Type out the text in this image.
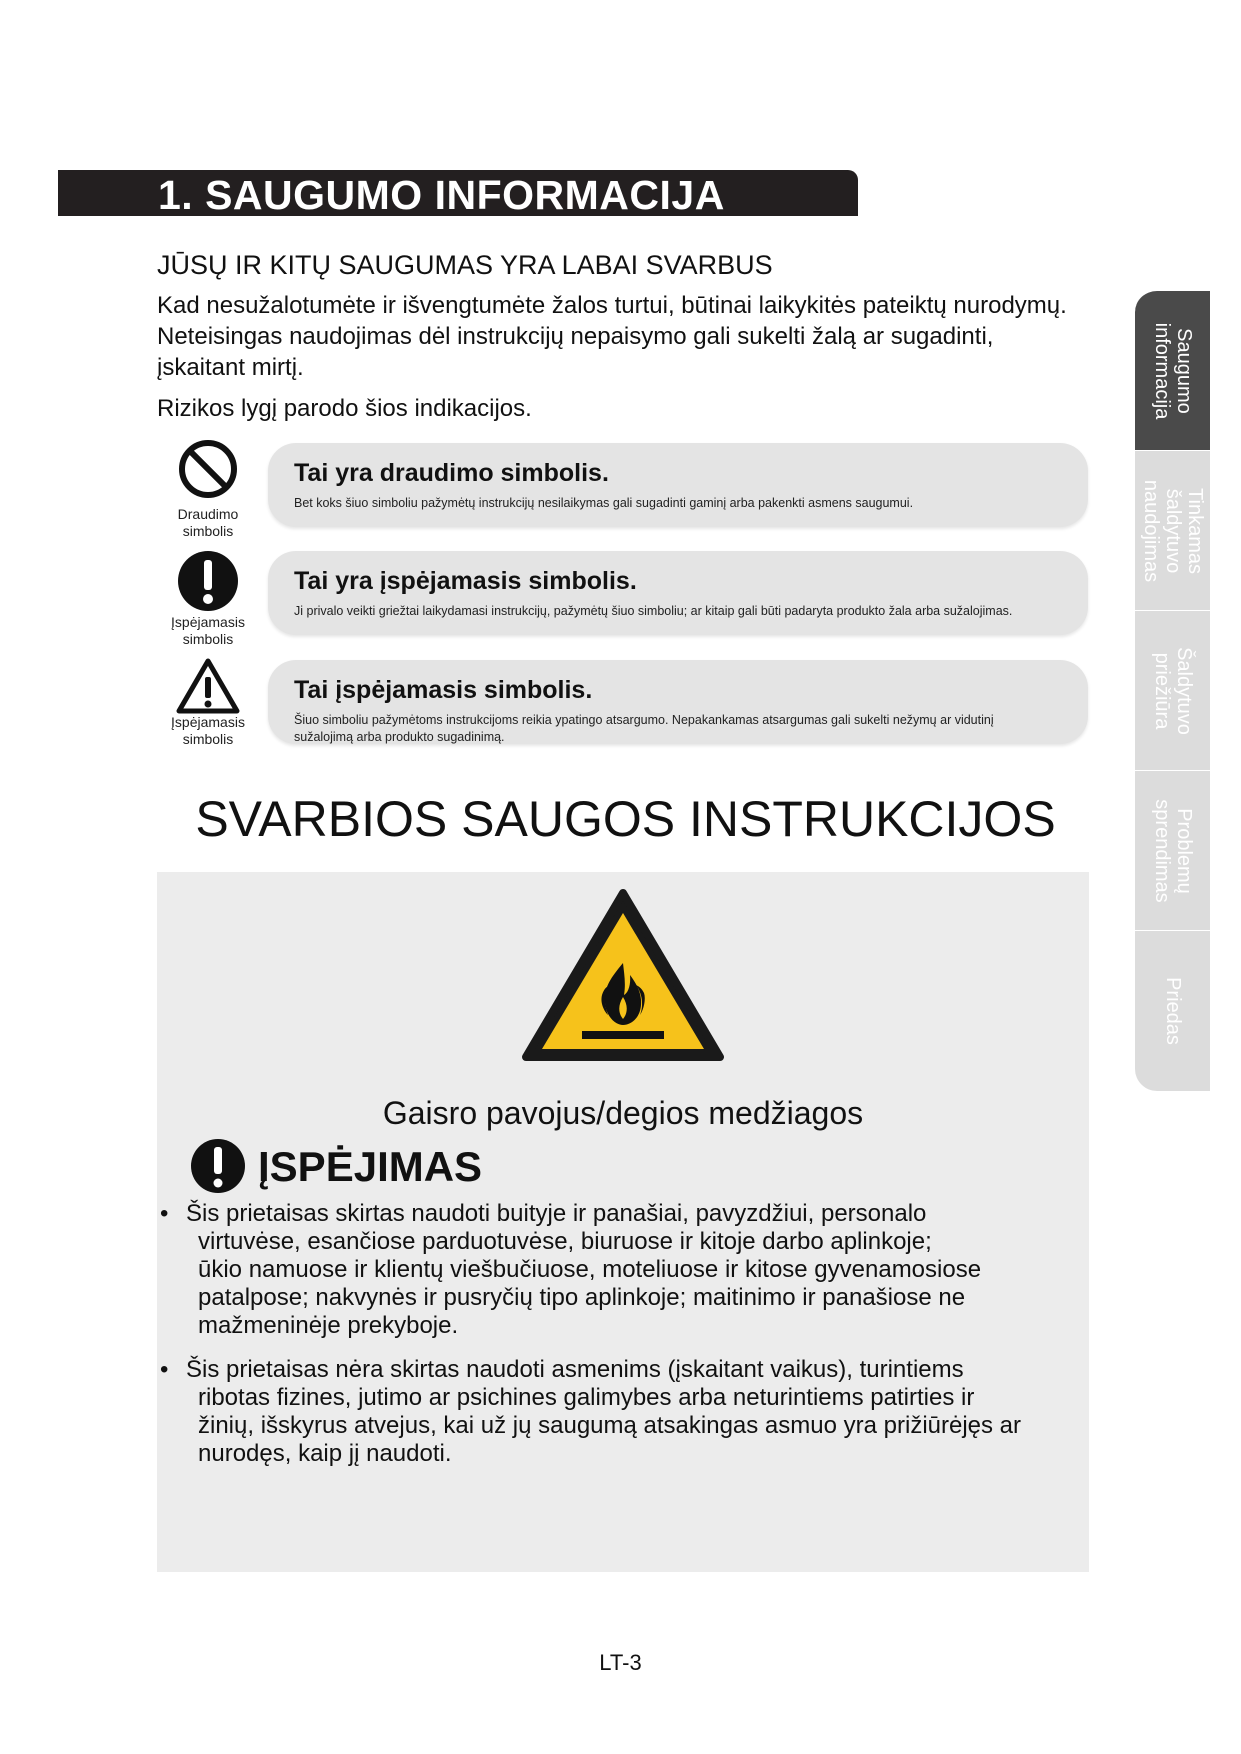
1. SAUGUMO INFORMACIJA
JŪSŲ IR KITŲ SAUGUMAS YRA LABAI SVARBUS
Kad nesužalotumėte ir išvengtumėte žalos turtui, būtinai laikykitės pateiktų nurodymų. Neteisingas naudojimas dėl instrukcijų nepaisymo gali sukelti žalą ar sugadinti, įskaitant mirtį.
Rizikos lygį parodo šios indikacijos.
Draudimo
simbolis
Tai yra draudimo simbolis.
Bet koks šiuo simboliu pažymėtų instrukcijų nesilaikymas gali sugadinti gaminį arba pakenkti asmens saugumui.
Įspėjamasis
simbolis
Tai yra įspėjamasis simbolis.
Ji privalo veikti griežtai laikydamasi instrukcijų, pažymėtų šiuo simboliu; ar kitaip gali būti padaryta produkto žala arba sužalojimas.
Įspėjamasis
simbolis
Tai įspėjamasis simbolis.
Šiuo simboliu pažymėtoms instrukcijoms reikia ypatingo atsargumo. Nepakankamas atsargumas gali sukelti nežymų ar vidutinį sužalojimą arba produkto sugadinimą.
SVARBIOS SAUGOS INSTRUKCIJOS
Gaisro pavojus/degios medžiagos
ĮSPĖJIMAS
• Šis prietaisas skirtas naudoti buityje ir panašiai, pavyzdžiui, personalo
virtuvėse, esančiose parduotuvėse, biuruose ir kitoje darbo aplinkoje;
ūkio namuose ir klientų viešbučiuose, moteliuose ir kitose gyvenamosiose
patalpose; nakvynės ir pusryčių tipo aplinkoje; maitinimo ir panašiose ne
mažmeninėje prekyboje.
• Šis prietaisas nėra skirtas naudoti asmenims (įskaitant vaikus), turintiems
ribotas fizines, jutimo ar psichines galimybes arba neturintiems patirties ir
žinių, išskyrus atvejus, kai už jų saugumą atsakingas asmuo yra prižiūrėjęs ar
nurodęs, kaip jį naudoti.
LT-3
Saugumo
informacija
Tinkamas
šaldytuvo
naudojimas
Šaldytuvo
priežiūra
Problemų
sprendimas
Priedas
